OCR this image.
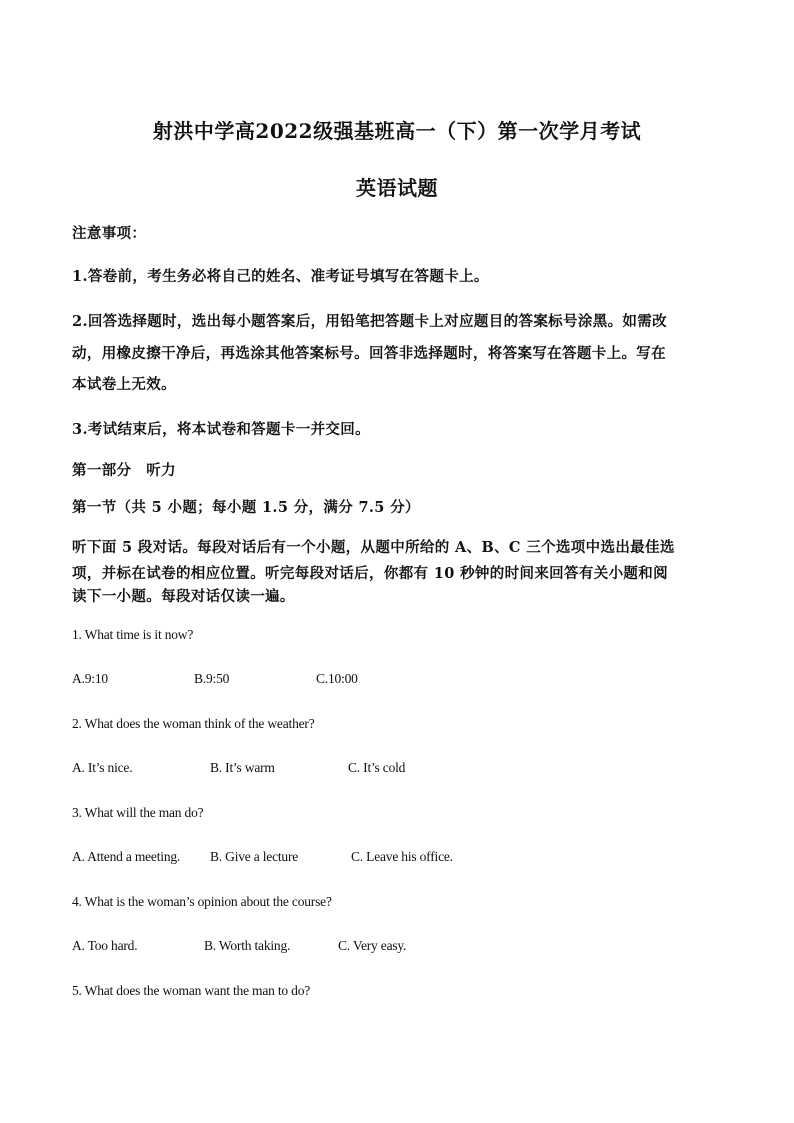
射洪中学高2022级强基班高一（下）第一次学月考试
英语试题
注意事项：
1.答卷前，考生务必将自己的姓名、准考证号填写在答题卡上。
2.回答选择题时，选出每小题答案后，用铅笔把答题卡上对应题目的答案标号涂黑。如需改
动，用橡皮擦干净后，再选涂其他答案标号。回答非选择题时，将答案写在答题卡上。写在
本试卷上无效。
3.考试结束后，将本试卷和答题卡一并交回。
第一部分　听力
第一节（共 5 小题；每小题 1.5 分，满分 7.5 分）
听下面 5 段对话。每段对话后有一个小题，从题中所给的 A、B、C 三个选项中选出最佳选
项，并标在试卷的相应位置。听完每段对话后，你都有 10 秒钟的时间来回答有关小题和阅
读下一小题。每段对话仅读一遍。
1. What time is it now?
A.9:10	B.9:50	C.10:00
2. What does the woman think of the weather?
A. It’s nice.	B. It’s warm	C. It’s cold
3. What will the man do?
A. Attend a meeting. B. Give a lecture	C. Leave his office.
4. What is the woman’s opinion about the course?
A. Too hard.	B. Worth taking.	C. Very easy.
5. What does the woman want the man to do?
